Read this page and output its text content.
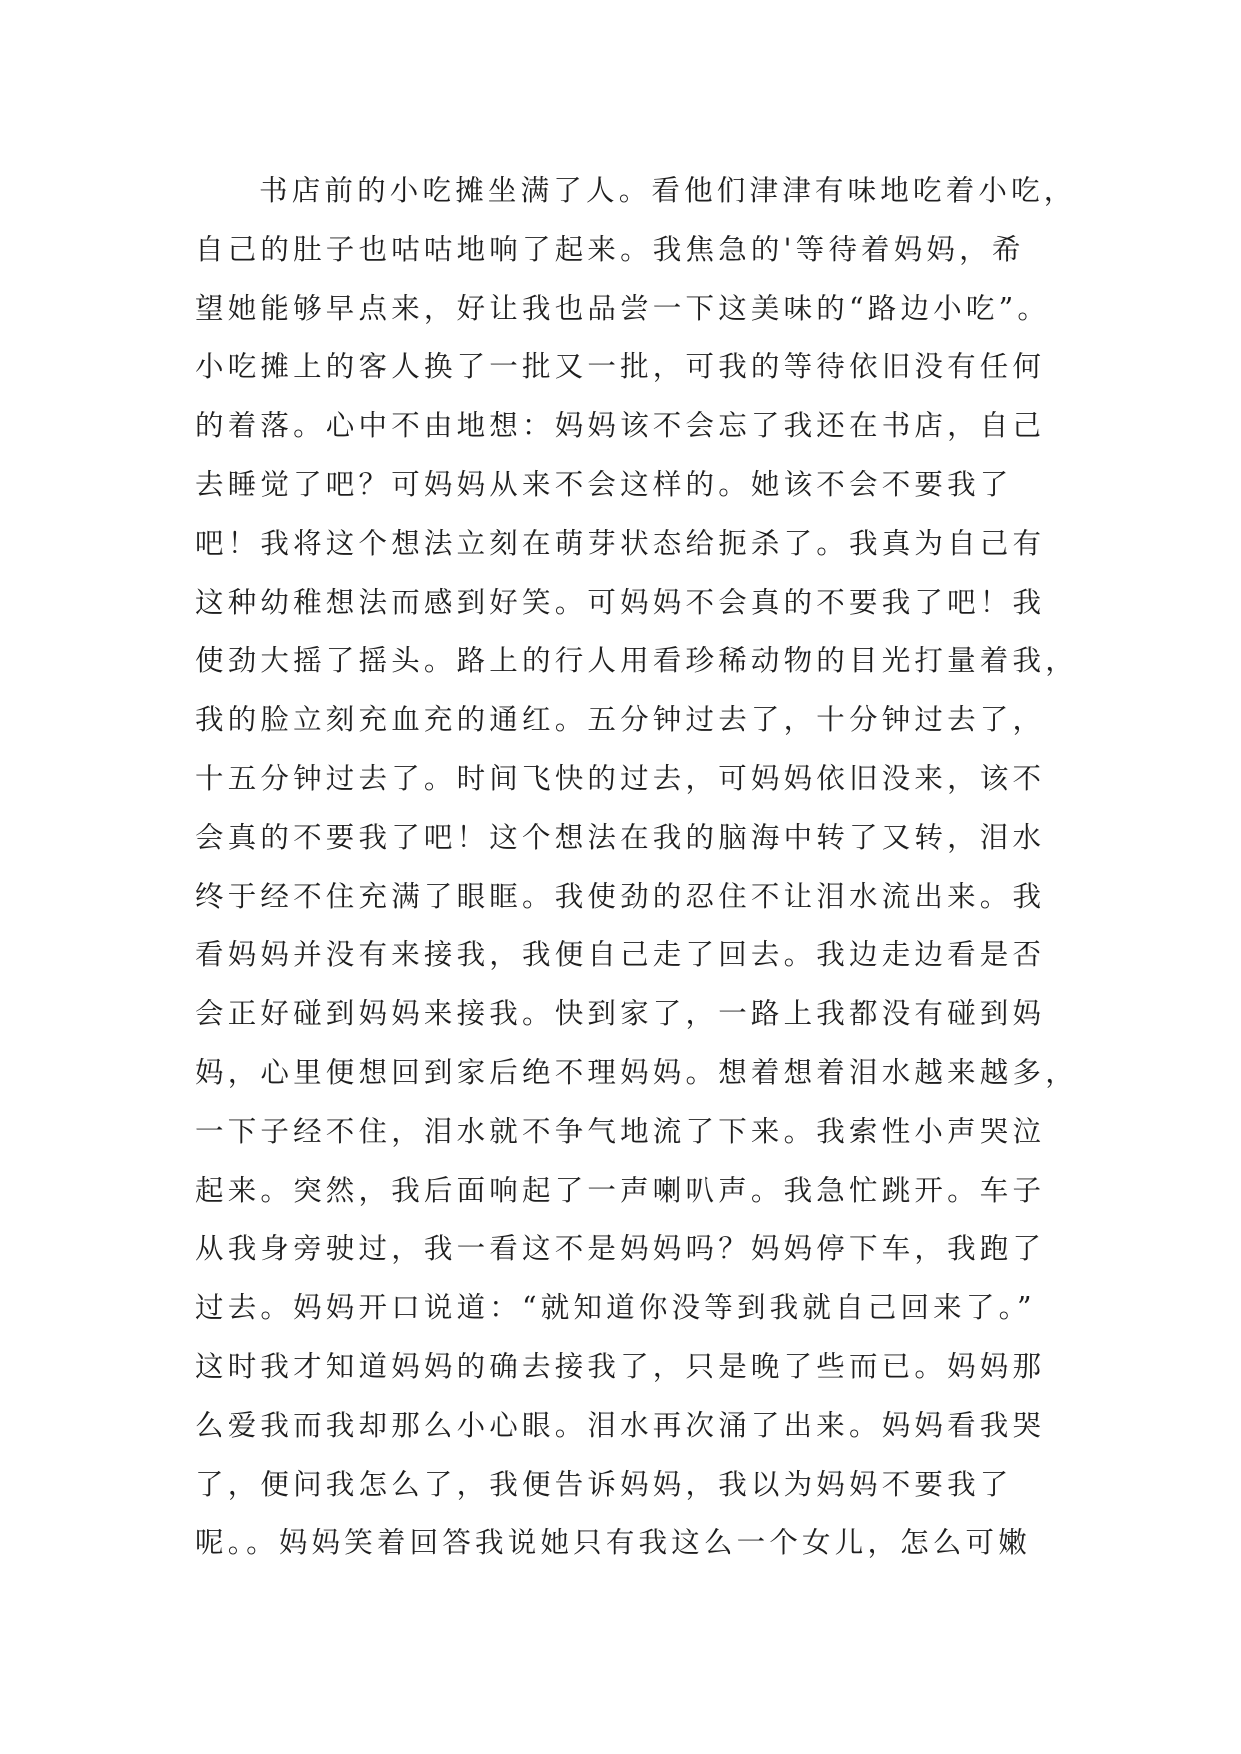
书店前的小吃摊坐满了人。看他们津津有味地吃着小吃，
自己的肚子也咕咕地响了起来。我焦急的'等待着妈妈，希
望她能够早点来，好让我也品尝一下这美味的“路边小吃”。
小吃摊上的客人换了一批又一批，可我的等待依旧没有任何
的着落。心中不由地想：妈妈该不会忘了我还在书店，自己
去睡觉了吧？可妈妈从来不会这样的。她该不会不要我了
吧！我将这个想法立刻在萌芽状态给扼杀了。我真为自己有
这种幼稚想法而感到好笑。可妈妈不会真的不要我了吧！我
使劲大摇了摇头。路上的行人用看珍稀动物的目光打量着我，
我的脸立刻充血充的通红。五分钟过去了，十分钟过去了，
十五分钟过去了。时间飞快的过去，可妈妈依旧没来，该不
会真的不要我了吧！这个想法在我的脑海中转了又转，泪水
终于经不住充满了眼眶。我使劲的忍住不让泪水流出来。我
看妈妈并没有来接我，我便自己走了回去。我边走边看是否
会正好碰到妈妈来接我。快到家了，一路上我都没有碰到妈
妈，心里便想回到家后绝不理妈妈。想着想着泪水越来越多，
一下子经不住，泪水就不争气地流了下来。我索性小声哭泣
起来。突然，我后面响起了一声喇叭声。我急忙跳开。车子
从我身旁驶过，我一看这不是妈妈吗？妈妈停下车，我跑了
过去。妈妈开口说道：“就知道你没等到我就自己回来了。”
这时我才知道妈妈的确去接我了，只是晚了些而已。妈妈那
么爱我而我却那么小心眼。泪水再次涌了出来。妈妈看我哭
了，便问我怎么了，我便告诉妈妈，我以为妈妈不要我了
呢。。妈妈笑着回答我说她只有我这么一个女儿，怎么可嫩
